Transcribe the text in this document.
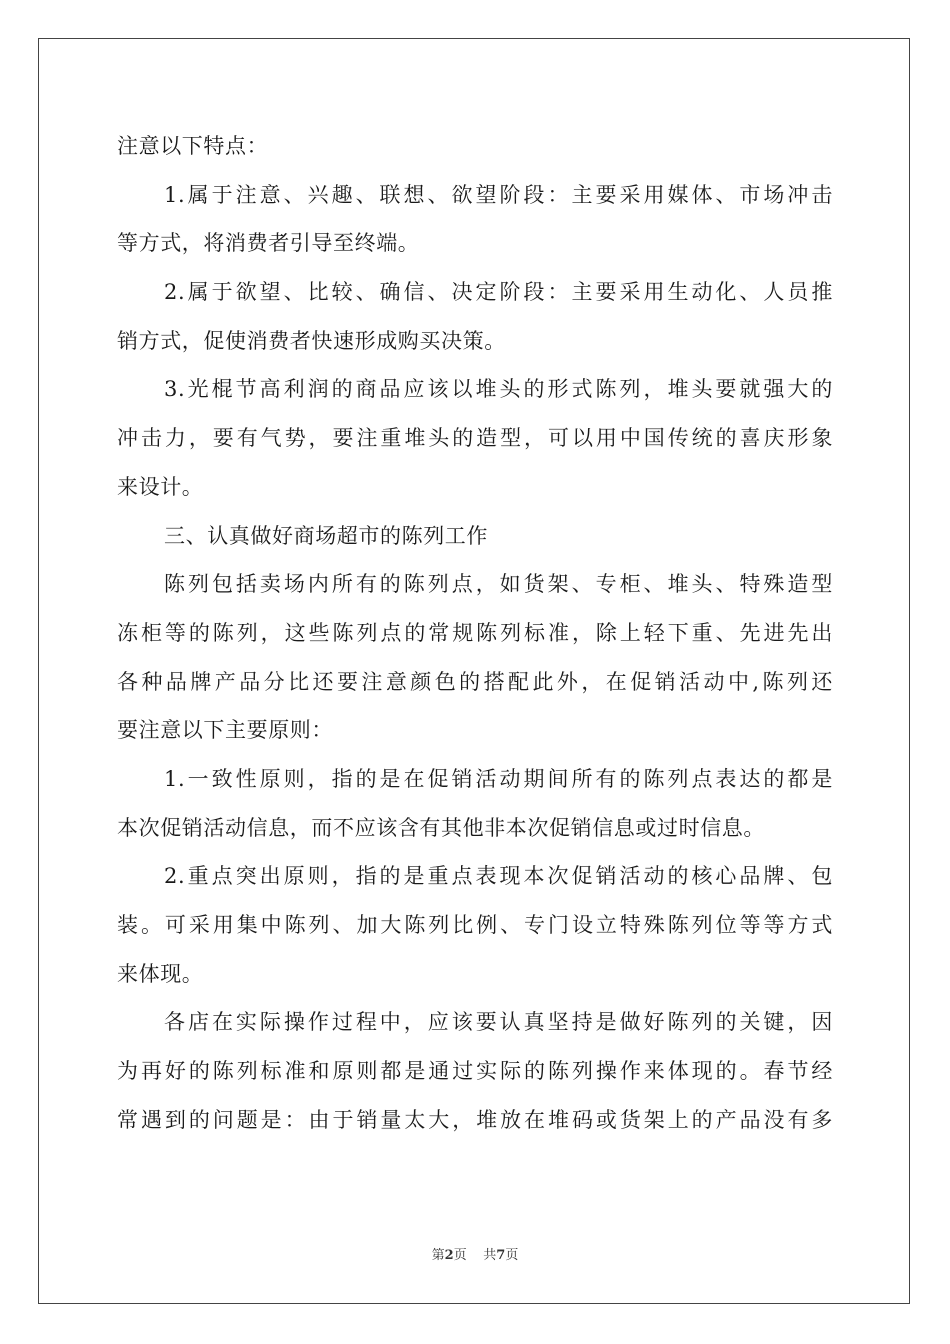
注意以下特点：
1.属于注意、兴趣、联想、欲望阶段：主要采用媒体、市场冲击
等方式，将消费者引导至终端。
2.属于欲望、比较、确信、决定阶段：主要采用生动化、人员推
销方式，促使消费者快速形成购买决策。
3.光棍节高利润的商品应该以堆头的形式陈列，堆头要就强大的
冲击力，要有气势，要注重堆头的造型，可以用中国传统的喜庆形象
来设计。
三、认真做好商场超市的陈列工作
陈列包括卖场内所有的陈列点，如货架、专柜、堆头、特殊造型
冻柜等的陈列，这些陈列点的常规陈列标准，除上轻下重、先进先出
各种品牌产品分比还要注意颜色的搭配此外，在促销活动中,陈列还
要注意以下主要原则：
1.一致性原则，指的是在促销活动期间所有的陈列点表达的都是
本次促销活动信息，而不应该含有其他非本次促销信息或过时信息。
2.重点突出原则，指的是重点表现本次促销活动的核心品牌、包
装。可采用集中陈列、加大陈列比例、专门设立特殊陈列位等等方式
来体现。
各店在实际操作过程中，应该要认真坚持是做好陈列的关键，因
为再好的陈列标准和原则都是通过实际的陈列操作来体现的。春节经
常遇到的问题是：由于销量太大，堆放在堆码或货架上的产品没有多
第2页 共7页
